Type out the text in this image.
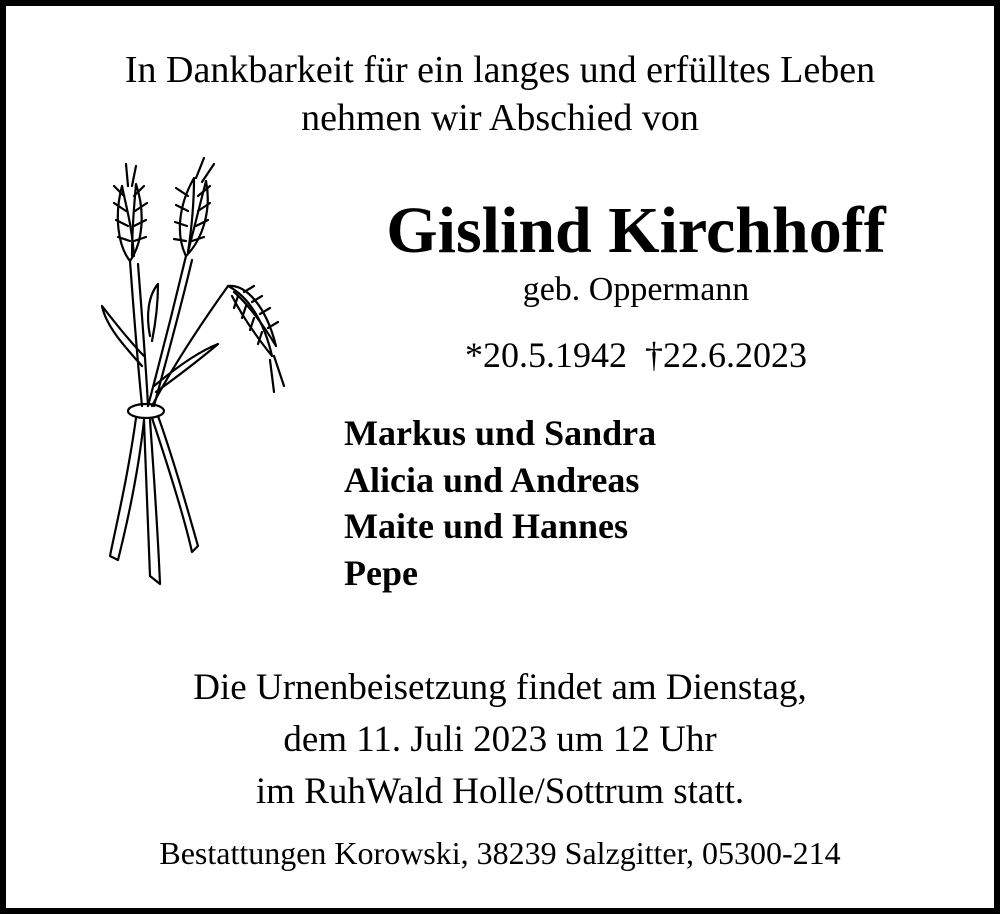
In Dankbarkeit für ein langes und erfülltes Leben
nehmen wir Abschied von
Gislind Kirchhoff
geb. Oppermann
*20.5.1942 †22.6.2023
Markus und Sandra
Alicia und Andreas
Maite und Hannes
Pepe
Die Urnenbeisetzung findet am Dienstag,
dem 11. Juli 2023 um 12 Uhr
im RuhWald Holle/Sottrum statt.
Bestattungen Korowski, 38239 Salzgitter, 05300-214
